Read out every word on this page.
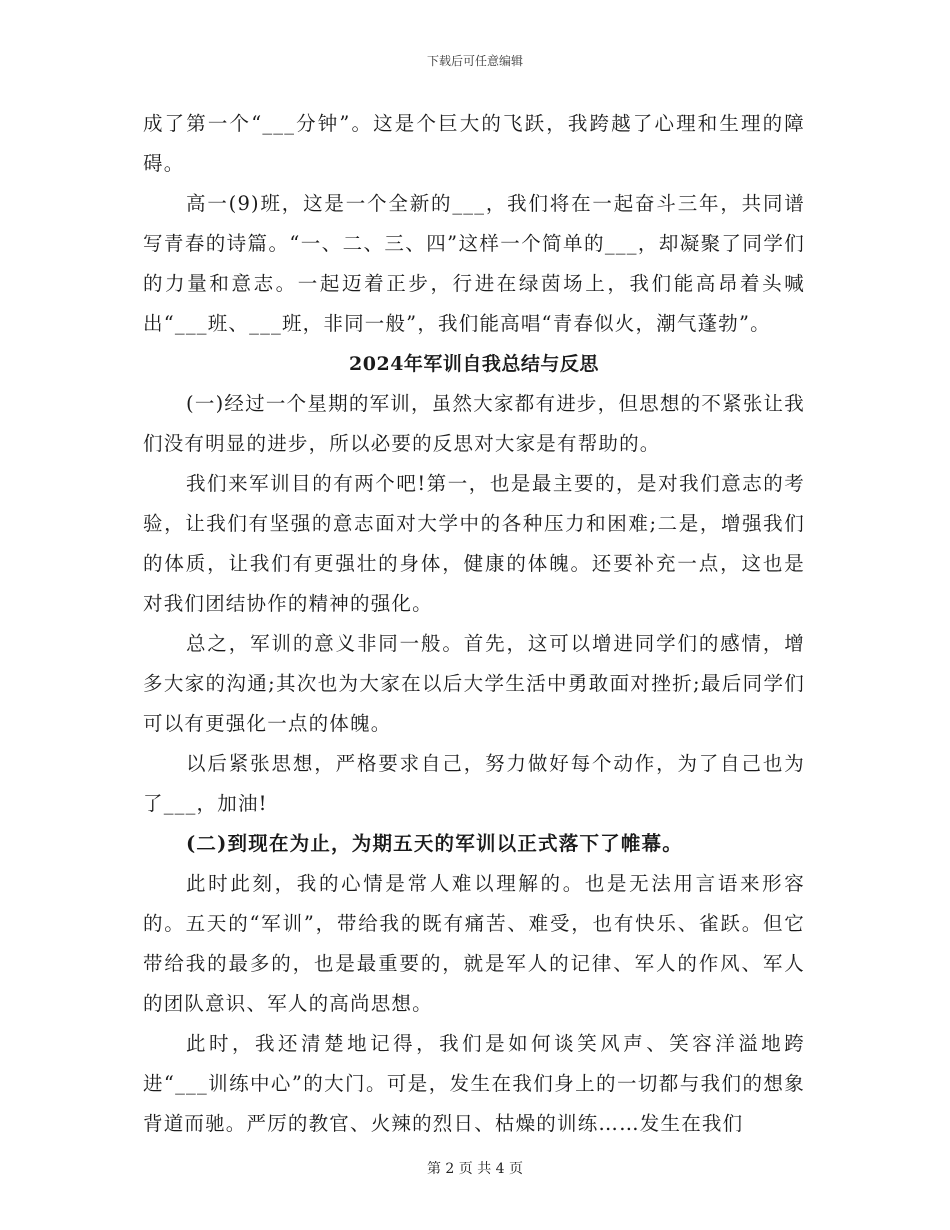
下载后可任意编辑

成了第一个“___分钟”。这是个巨大的飞跃，我跨越了心理和生理的障碍。

高一(9)班，这是一个全新的___，我们将在一起奋斗三年，共同谱写青春的诗篇。“一、二、三、四”这样一个简单的___，却凝聚了同学们的力量和意志。一起迈着正步，行进在绿茵场上，我们能高昂着头喊出“___班、___班，非同一般”，我们能高唱“青春似火，潮气蓬勃”。

2024年军训自我总结与反思

(一)经过一个星期的军训，虽然大家都有进步，但思想的不紧张让我们没有明显的进步，所以必要的反思对大家是有帮助的。

我们来军训目的有两个吧!第一，也是最主要的，是对我们意志的考验，让我们有坚强的意志面对大学中的各种压力和困难;二是，增强我们的体质，让我们有更强壮的身体，健康的体魄。还要补充一点，这也是对我们团结协作的精神的强化。

总之，军训的意义非同一般。首先，这可以增进同学们的感情，增多大家的沟通;其次也为大家在以后大学生活中勇敢面对挫折;最后同学们可以有更强化一点的体魄。

以后紧张思想，严格要求自己，努力做好每个动作，为了自己也为了___，加油!

(二)到现在为止，为期五天的军训以正式落下了帷幕。

此时此刻，我的心情是常人难以理解的。也是无法用言语来形容的。五天的“军训”，带给我的既有痛苦、难受，也有快乐、雀跃。但它带给我的最多的，也是最重要的，就是军人的记律、军人的作风、军人的团队意识、军人的高尚思想。

此时，我还清楚地记得，我们是如何谈笑风声、笑容洋溢地跨进“___训练中心”的大门。可是，发生在我们身上的一切都与我们的想象背道而驰。严厉的教官、火辣的烈日、枯燥的训练……发生在我们

第 2 页 共 4 页
